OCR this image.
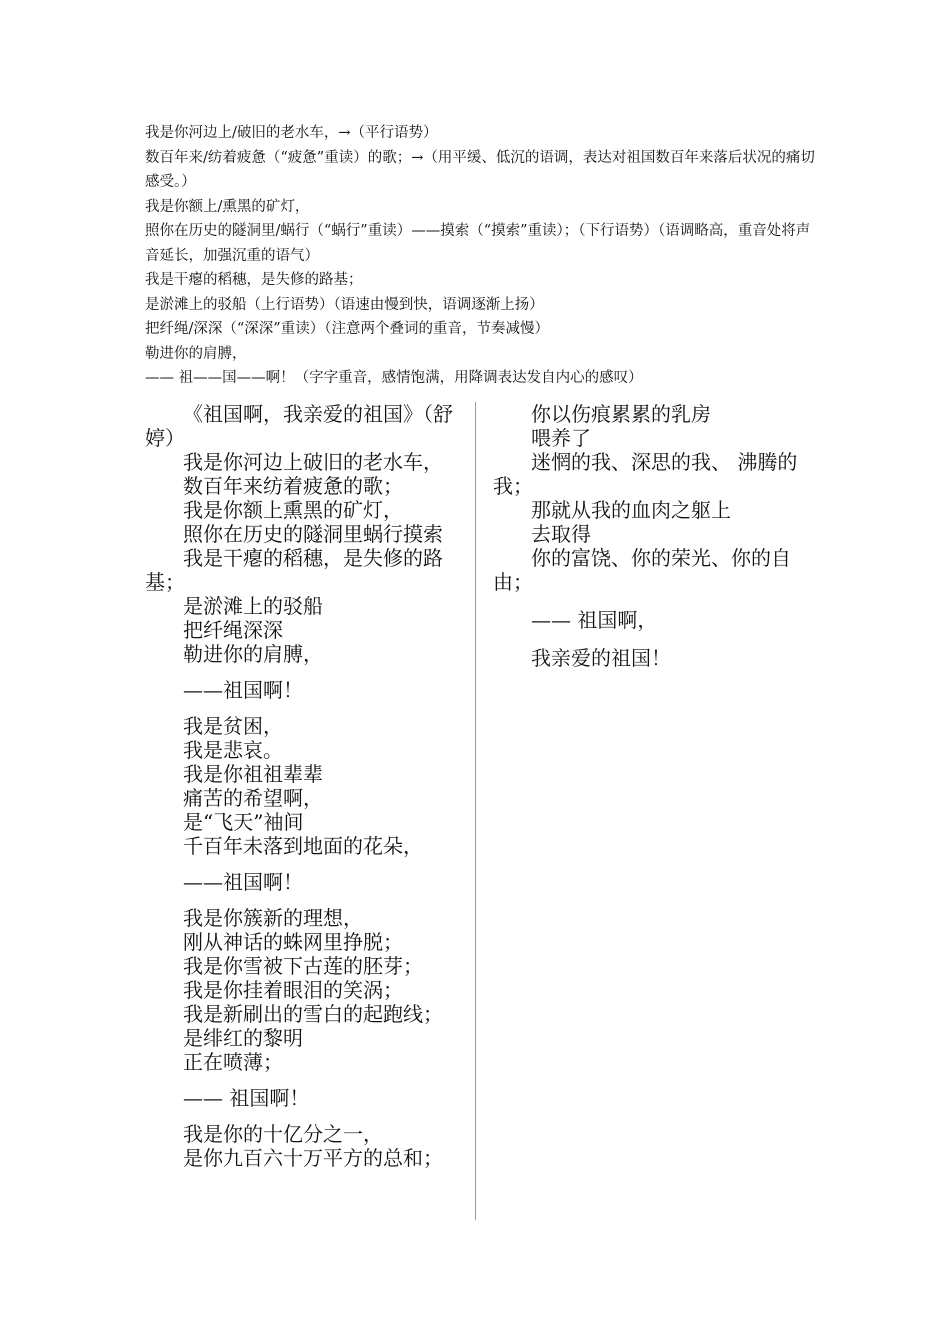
我是你河边上/破旧的老水车，→（平行语势）
数百年来/纺着疲惫（“疲惫”重读）的歌；→（用平缓、低沉的语调，表达对祖国数百年来落后状况的痛切感受。）
我是你额上/熏黑的矿灯，
照你在历史的隧洞里/蜗行（“蜗行”重读）——摸索（“摸索”重读）；（下行语势）（语调略高，重音处将声音延长，加强沉重的语气）
我是干瘪的稻穗，是失修的路基；
是淤滩上的驳船（上行语势）（语速由慢到快，语调逐渐上扬）
把纤绳/深深（“深深”重读）（注意两个叠词的重音，节奏减慢）
勒进你的肩膊，
—— 祖——国——啊！（字字重音，感情饱满，用降调表达发自内心的感叹）

《祖国啊，我亲爱的祖国》（舒婷）

我是你河边上破旧的老水车，

数百年来纺着疲惫的歌；

我是你额上熏黑的矿灯，

照你在历史的隧洞里蜗行摸索

我是干瘪的稻穗，是失修的路基；

是淤滩上的驳船

把纤绳深深

勒进你的肩膊，

——祖国啊！

我是贫困，

我是悲哀。

我是你祖祖辈辈

痛苦的希望啊，

是“飞天”袖间

千百年未落到地面的花朵，

——祖国啊！

我是你簇新的理想，

刚从神话的蛛网里挣脱；

我是你雪被下古莲的胚芽；

我是你挂着眼泪的笑涡；

我是新刷出的雪白的起跑线；

是绯红的黎明

正在喷薄；

—— 祖国啊！

我是你的十亿分之一，

是你九百六十万平方的总和；

你以伤痕累累的乳房

喂养了

迷惘的我、深思的我、 沸腾的我；

那就从我的血肉之躯上

去取得

你的富饶、你的荣光、你的自由；

—— 祖国啊，

我亲爱的祖国！
